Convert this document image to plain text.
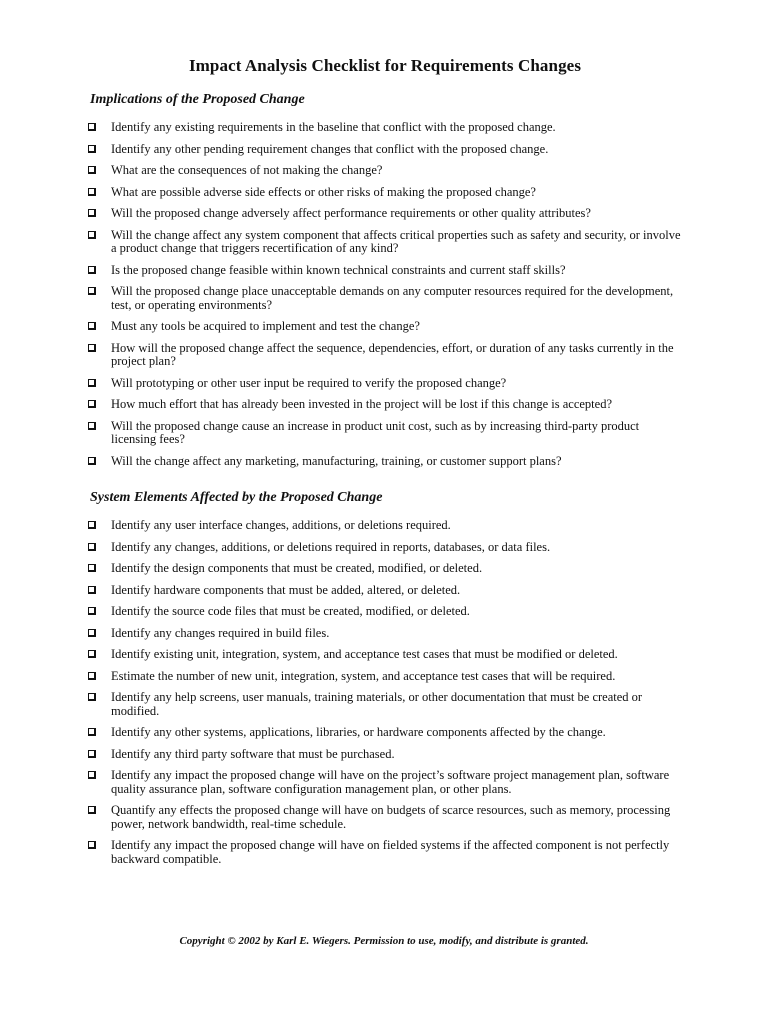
Impact Analysis Checklist for Requirements Changes
Implications of the Proposed Change
Identify any existing requirements in the baseline that conflict with the proposed change.
Identify any other pending requirement changes that conflict with the proposed change.
What are the consequences of not making the change?
What are possible adverse side effects or other risks of making the proposed change?
Will the proposed change adversely affect performance requirements or other quality attributes?
Will the change affect any system component that affects critical properties such as safety and security, or involve a product change that triggers recertification of any kind?
Is the proposed change feasible within known technical constraints and current staff skills?
Will the proposed change place unacceptable demands on any computer resources required for the development, test, or operating environments?
Must any tools be acquired to implement and test the change?
How will the proposed change affect the sequence, dependencies, effort, or duration of any tasks currently in the project plan?
Will prototyping or other user input be required to verify the proposed change?
How much effort that has already been invested in the project will be lost if this change is accepted?
Will the proposed change cause an increase in product unit cost, such as by increasing third-party product licensing fees?
Will the change affect any marketing, manufacturing, training, or customer support plans?
System Elements Affected by the Proposed Change
Identify any user interface changes, additions, or deletions required.
Identify any changes, additions, or deletions required in reports, databases, or data files.
Identify the design components that must be created, modified, or deleted.
Identify hardware components that must be added, altered, or deleted.
Identify the source code files that must be created, modified, or deleted.
Identify any changes required in build files.
Identify existing unit, integration, system, and acceptance test cases that must be modified or deleted.
Estimate the number of new unit, integration, system, and acceptance test cases that will be required.
Identify any help screens, user manuals, training materials, or other documentation that must be created or modified.
Identify any other systems, applications, libraries, or hardware components affected by the change.
Identify any third party software that must be purchased.
Identify any impact the proposed change will have on the project’s software project management plan, software quality assurance plan, software configuration management plan, or other plans.
Quantify any effects the proposed change will have on budgets of scarce resources, such as memory, processing power, network bandwidth, real-time schedule.
Identify any impact the proposed change will have on fielded systems if the affected component is not perfectly backward compatible.
Copyright © 2002 by Karl E. Wiegers. Permission to use, modify, and distribute is granted.
